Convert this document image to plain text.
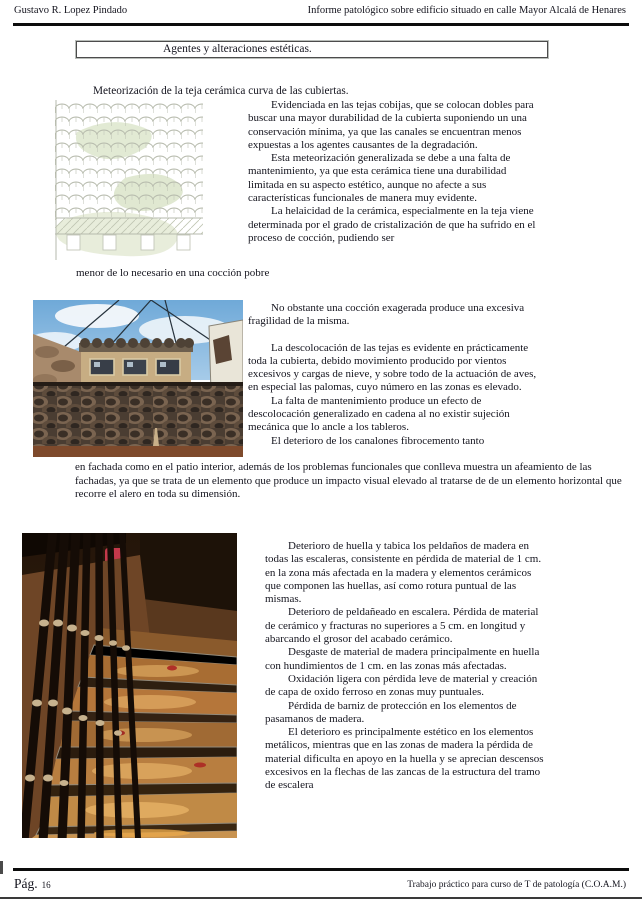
Gustavo R. Lopez Pindado	Informe patológico sobre edificio situado en calle Mayor Alcalá de Henares
Agentes y alteraciones estéticas.
Meteorización de la teja cerámica curva de las cubiertas.

Evidenciada en las tejas cobijas, que se colocan dobles para buscar una mayor durabilidad de la cubierta suponiendo un una conservación mínima, ya que las canales se encuentran menos expuestas a los agentes causantes de la degradación.

Esta meteorización generalizada se debe a una falta de mantenimiento, ya que esta cerámica tiene una durabilidad limitada en su aspecto estético, aunque no afecte a sus características funcionales de manera muy evidente.

La helaicidad de la cerámica, especialmente en la teja viene determinada por el grado de cristalización de que ha sufrido en el proceso de cocción, pudiendo ser

menor de lo necesario en una cocción pobre

No obstante una cocción exagerada produce una excesiva fragilidad de la misma.

La descolocación de las tejas es evidente en prácticamente toda la cubierta, debido movimiento producido por vientos excesivos y cargas de nieve, y sobre todo de la actuación de aves, en especial las palomas, cuyo número en las zonas es elevado.

La falta de mantenimiento produce un efecto de descolocación generalizado en cadena al no existir sujeción mecánica que lo ancle a los tableros.

El deterioro de los canalones fibrocemento tanto

en fachada como en el patio interior, además de los problemas funcionales que conlleva muestra un afeamiento de las fachadas, ya que se trata de un elemento que produce un impacto visual elevado al tratarse de de un elemento horizontal que recorre el alero en toda su dimensión.

Deterioro de huella y tabica los peldaños de madera en todas las escaleras, consistente en pérdida de material de 1 cm. en la zona más afectada en la madera y elementos cerámicos que componen las huellas, así como rotura puntual de las mismas.

Deterioro de peldañeado en escalera. Pérdida de material de cerámico y fracturas no superiores a 5 cm. en longitud y abarcando el grosor del acabado cerámico.

Desgaste de material de madera principalmente en huella con hundimientos de 1 cm. en las zonas más afectadas.

Oxidación ligera con pérdida leve de material y creación de capa de oxido ferroso en zonas muy puntuales.

Pérdida de barniz de protección en los elementos de pasamanos de madera.

El deterioro es principalmente estético en los elementos metálicos, mientras que en las zonas de madera la pérdida de material dificulta en apoyo en la huella y se aprecian descensos excesivos en la flechas de las zancas de la estructura del tramo de escalera

Pág. 16	Trabajo práctico para curso de T de patología (C.O.A.M.)
